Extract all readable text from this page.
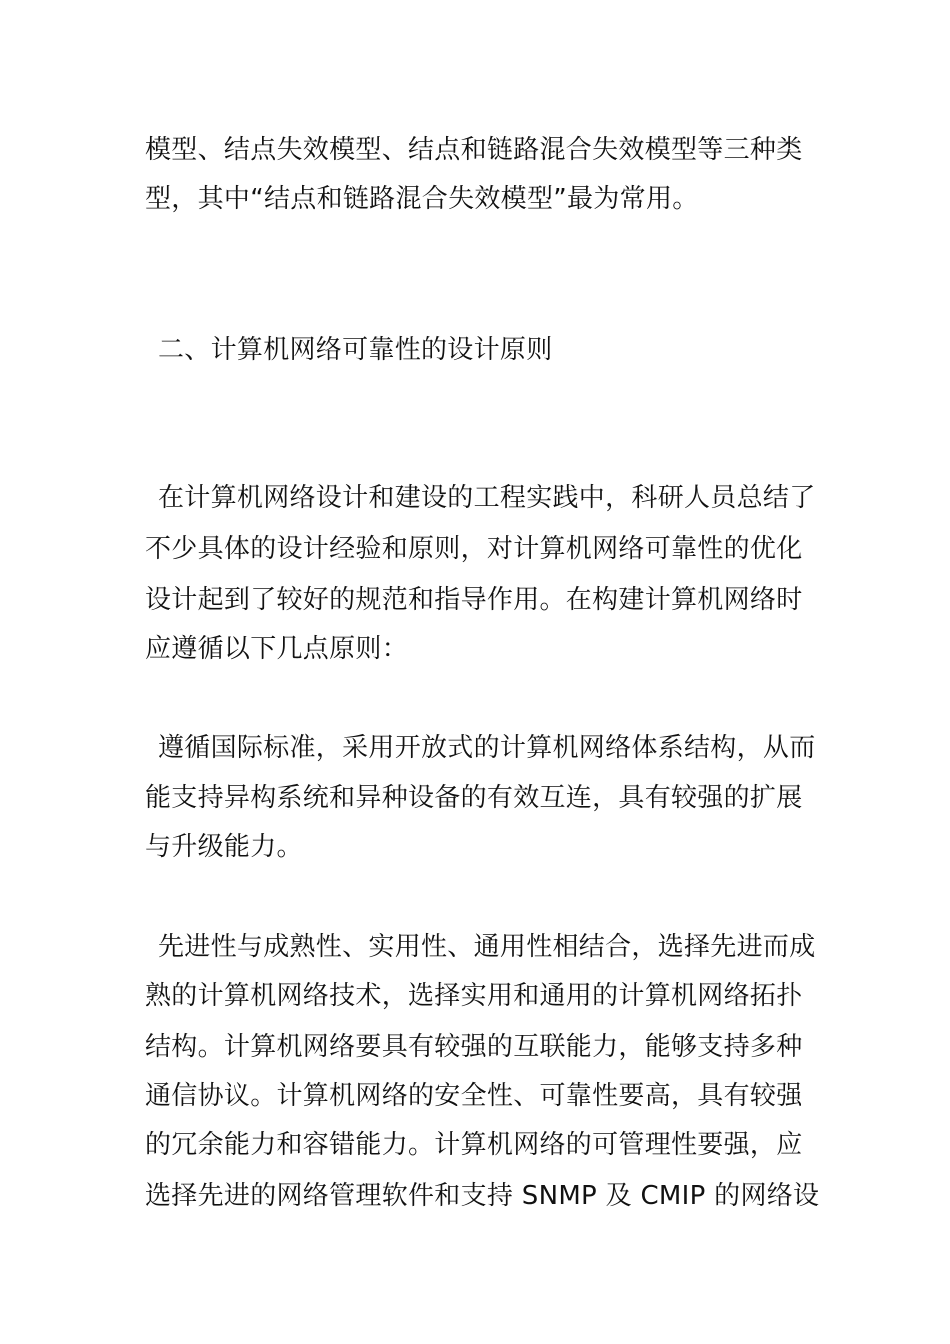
模型、结点失效模型、结点和链路混合失效模型等三种类
型，其中“结点和链路混合失效模型”最为常用。
二、计算机网络可靠性的设计原则
在计算机网络设计和建设的工程实践中，科研人员总结了
不少具体的设计经验和原则，对计算机网络可靠性的优化
设计起到了较好的规范和指导作用。在构建计算机网络时
应遵循以下几点原则：
遵循国际标准，采用开放式的计算机网络体系结构，从而
能支持异构系统和异种设备的有效互连，具有较强的扩展
与升级能力。
先进性与成熟性、实用性、通用性相结合，选择先进而成
熟的计算机网络技术，选择实用和通用的计算机网络拓扑
结构。计算机网络要具有较强的互联能力，能够支持多种
通信协议。计算机网络的安全性、可靠性要高，具有较强
的冗余能力和容错能力。计算机网络的可管理性要强，应
选择先进的网络管理软件和支持 SNMP 及 CMIP 的网络设
